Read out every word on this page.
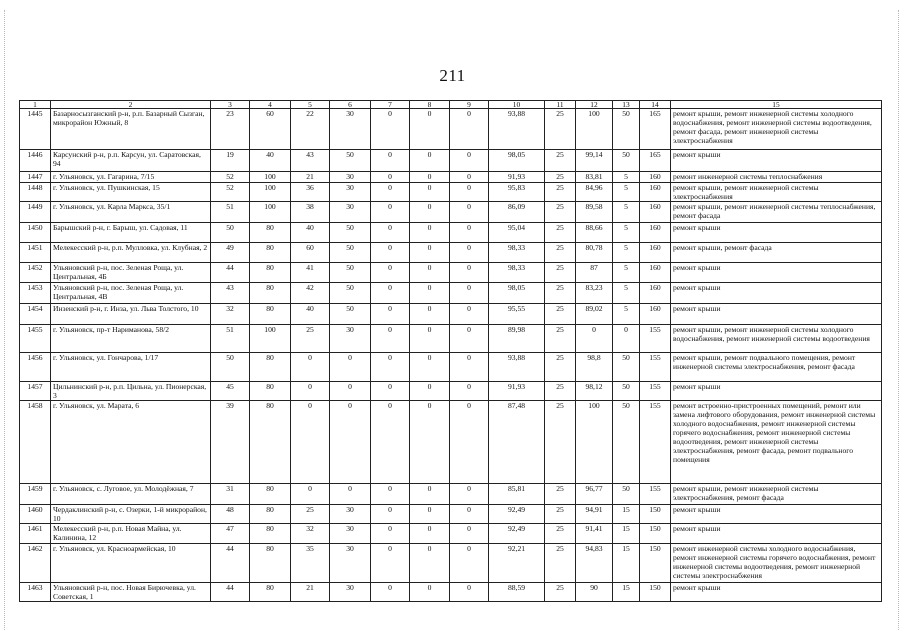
211
1	2	3	4	5	6	7	8	9	10	11	12	13	14	15
1445	Базарносызганский р-н, р.п. Базарный Сызган, микрорайон Южный, 8	23	60	22	30	0	0	0	93,88	25	100	50	165	ремонт крыши, ремонт инженерной системы холодного водоснабжения, ремонт инженерной системы водоотведения, ремонт фасада, ремонт инженерной системы электроснабжения
1446	Карсунский р-н, р.п. Карсун, ул. Саратовская, 94	19	40	43	50	0	0	0	98,05	25	99,14	50	165	ремонт крыши
1447	г. Ульяновск, ул. Гагарина, 7/15	52	100	21	30	0	0	0	91,93	25	83,81	5	160	ремонт инженерной системы теплоснабжения
1448	г. Ульяновск, ул. Пушкинская, 15	52	100	36	30	0	0	0	95,83	25	84,96	5	160	ремонт крыши, ремонт инженерной системы электроснабжения
1449	г. Ульяновск, ул. Карла Маркса, 35/1	51	100	38	30	0	0	0	86,09	25	89,58	5	160	ремонт крыши, ремонт инженерной системы теплоснабжения, ремонт фасада
1450	Барышский р-н, г. Барыш, ул. Садовая, 11	50	80	40	50	0	0	0	95,04	25	88,66	5	160	ремонт крыши
1451	Мелекесский р-н, р.п. Мулловка, ул. Клубная, 2	49	80	60	50	0	0	0	98,33	25	80,78	5	160	ремонт крыши, ремонт фасада
1452	Ульяновский р-н, пос. Зеленая Роща, ул. Центральная, 4Б	44	80	41	50	0	0	0	98,33	25	87	5	160	ремонт крыши
1453	Ульяновский р-н, пос. Зеленая Роща, ул. Центральная, 4В	43	80	42	50	0	0	0	98,05	25	83,23	5	160	ремонт крыши
1454	Инзенский р-н, г. Инза, ул. Льва Толстого, 10	32	80	40	50	0	0	0	95,55	25	89,02	5	160	ремонт крыши
1455	г. Ульяновск, пр-т Нариманова, 58/2	51	100	25	30	0	0	0	89,98	25	0	0	155	ремонт крыши, ремонт инженерной системы холодного водоснабжения, ремонт инженерной системы водоотведения
1456	г. Ульяновск, ул. Гончарова, 1/17	50	80	0	0	0	0	0	93,88	25	98,8	50	155	ремонт крыши, ремонт подвального помещения, ремонт инженерной системы электроснабжения, ремонт фасада
1457	Цильнинский р-н, р.п. Цильна, ул. Пионерская, 3	45	80	0	0	0	0	0	91,93	25	98,12	50	155	ремонт крыши
1458	г. Ульяновск, ул. Марата, 6	39	80	0	0	0	0	0	87,48	25	100	50	155	ремонт встроенно-пристроенных помещений, ремонт или замена лифтового оборудования, ремонт инженерной системы холодного водоснабжения, ремонт инженерной системы горячего водоснабжения, ремонт инженерной системы водоотведения, ремонт инженерной системы электроснабжения, ремонт фасада, ремонт подвального помещения
1459	г. Ульяновск, с. Луговое, ул. Молодёжная, 7	31	80	0	0	0	0	0	85,81	25	96,77	50	155	ремонт крыши, ремонт инженерной системы электроснабжения, ремонт фасада
1460	Чердаклинский р-н, с. Озерки, 1-й микрорайон, 10	48	80	25	30	0	0	0	92,49	25	94,91	15	150	ремонт крыши
1461	Мелекесский р-н, р.п. Новая Майна, ул. Калинина, 12	47	80	32	30	0	0	0	92,49	25	91,41	15	150	ремонт крыши
1462	г. Ульяновск, ул. Красноармейская, 10	44	80	35	30	0	0	0	92,21	25	94,83	15	150	ремонт инженерной системы холодного водоснабжения, ремонт инженерной системы горячего водоснабжения, ремонт инженерной системы водоотведения, ремонт инженерной системы электроснабжения
1463	Ульяновский р-н, пос. Новая Бирючевка, ул. Советская, 1	44	80	21	30	0	0	0	88,59	25	90	15	150	ремонт крыши
